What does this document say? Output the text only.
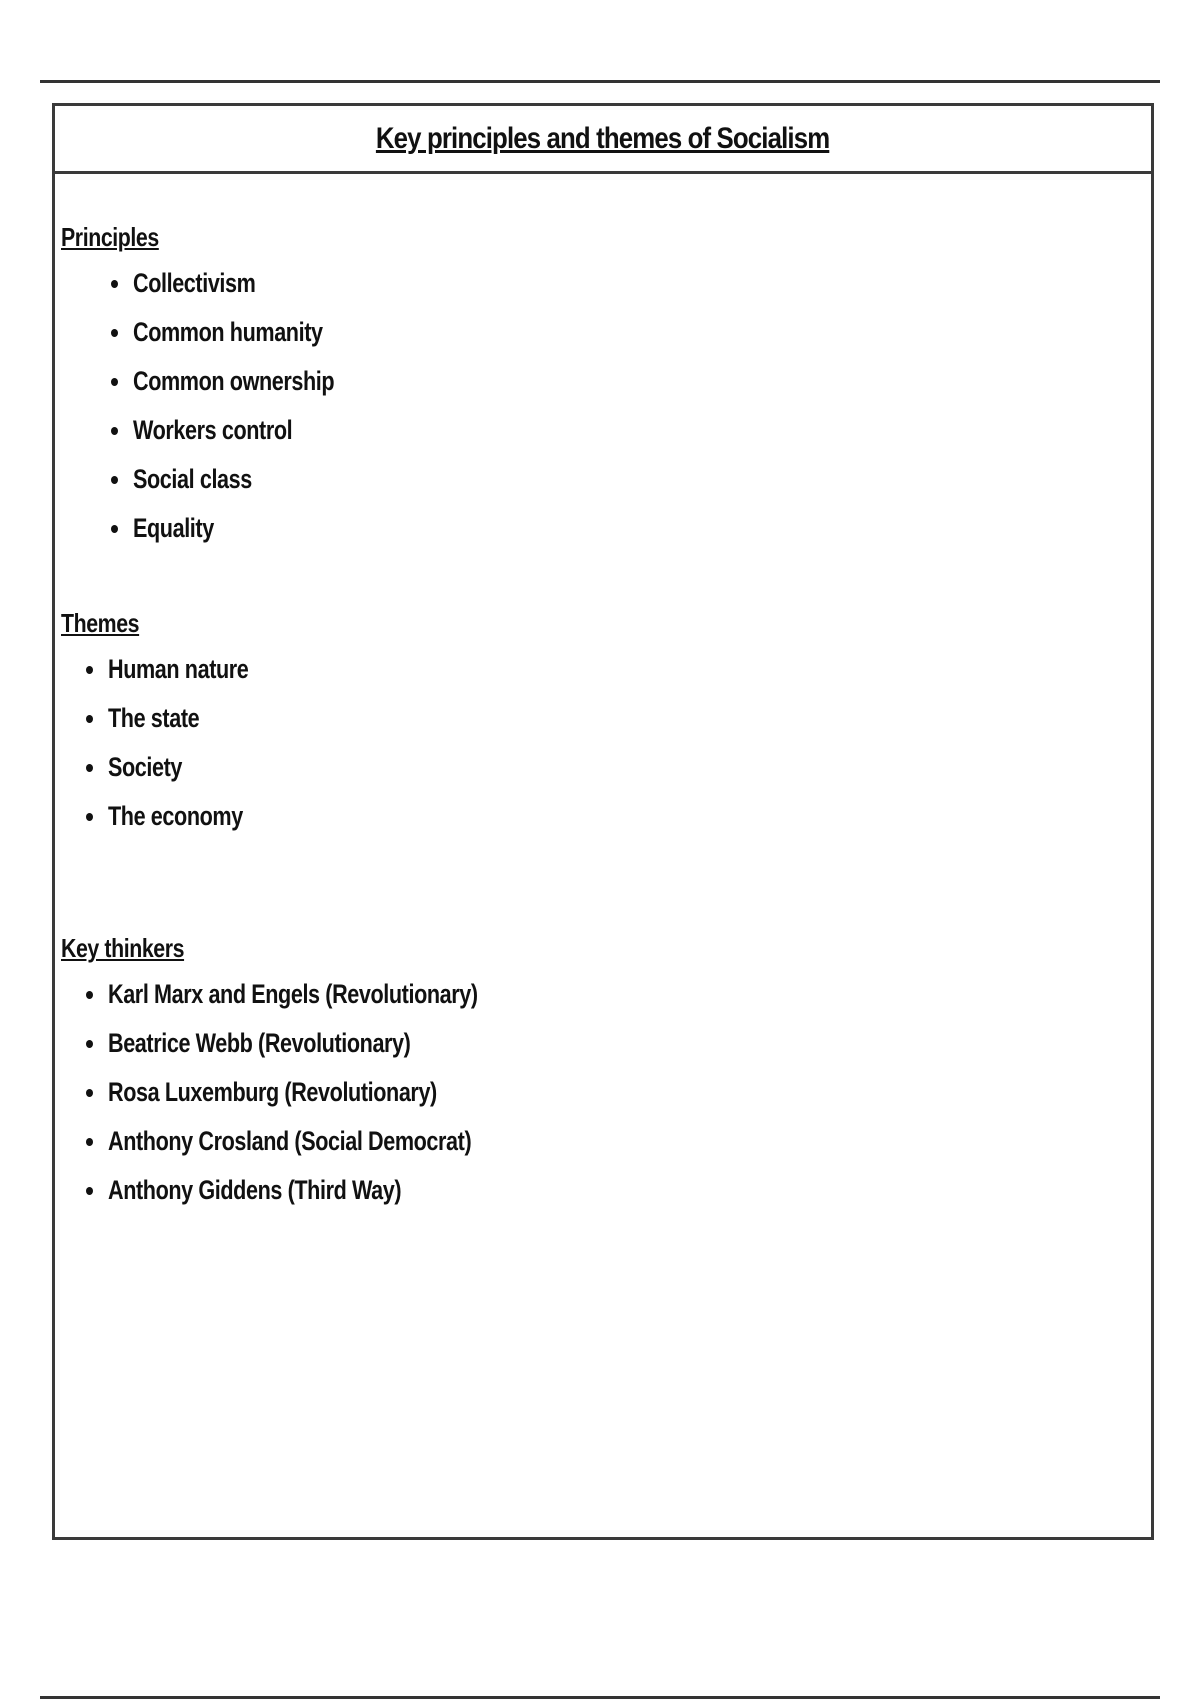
Key principles and themes of Socialism
Principles
Collectivism
Common humanity
Common ownership
Workers control
Social class
Equality
Themes
Human nature
The state
Society
The economy
Key thinkers
Karl Marx and Engels (Revolutionary)
Beatrice Webb (Revolutionary)
Rosa Luxemburg (Revolutionary)
Anthony Crosland (Social Democrat)
Anthony Giddens (Third Way)
